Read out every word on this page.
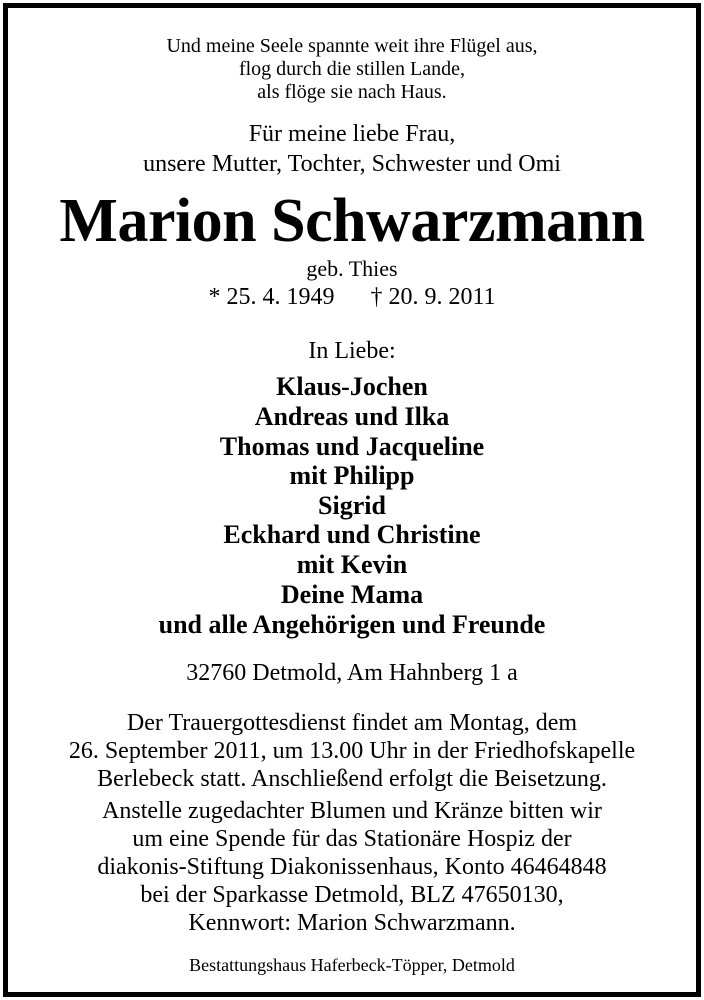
Und meine Seele spannte weit ihre Flügel aus,

flog durch die stillen Lande,

als flöge sie nach Haus.

Für meine liebe Frau,

unsere Mutter, Tochter, Schwester und Omi

Marion Schwarzmann

geb. Thies

* 25. 4. 1949 † 20. 9. 2011

In Liebe:

Klaus-Jochen

Andreas und Ilka

Thomas und Jacqueline

mit Philipp

Sigrid

Eckhard und Christine

mit Kevin

Deine Mama

und alle Angehörigen und Freunde

32760 Detmold, Am Hahnberg 1 a

Der Trauergottesdienst findet am Montag, dem

26. September 2011, um 13.00 Uhr in der Friedhofskapelle

Berlebeck statt. Anschließend erfolgt die Beisetzung.

Anstelle zugedachter Blumen und Kränze bitten wir

um eine Spende für das Stationäre Hospiz der

diakonis-Stiftung Diakonissenhaus, Konto 46464848

bei der Sparkasse Detmold, BLZ 47650130,

Kennwort: Marion Schwarzmann.

Bestattungshaus Haferbeck-Töpper, Detmold
